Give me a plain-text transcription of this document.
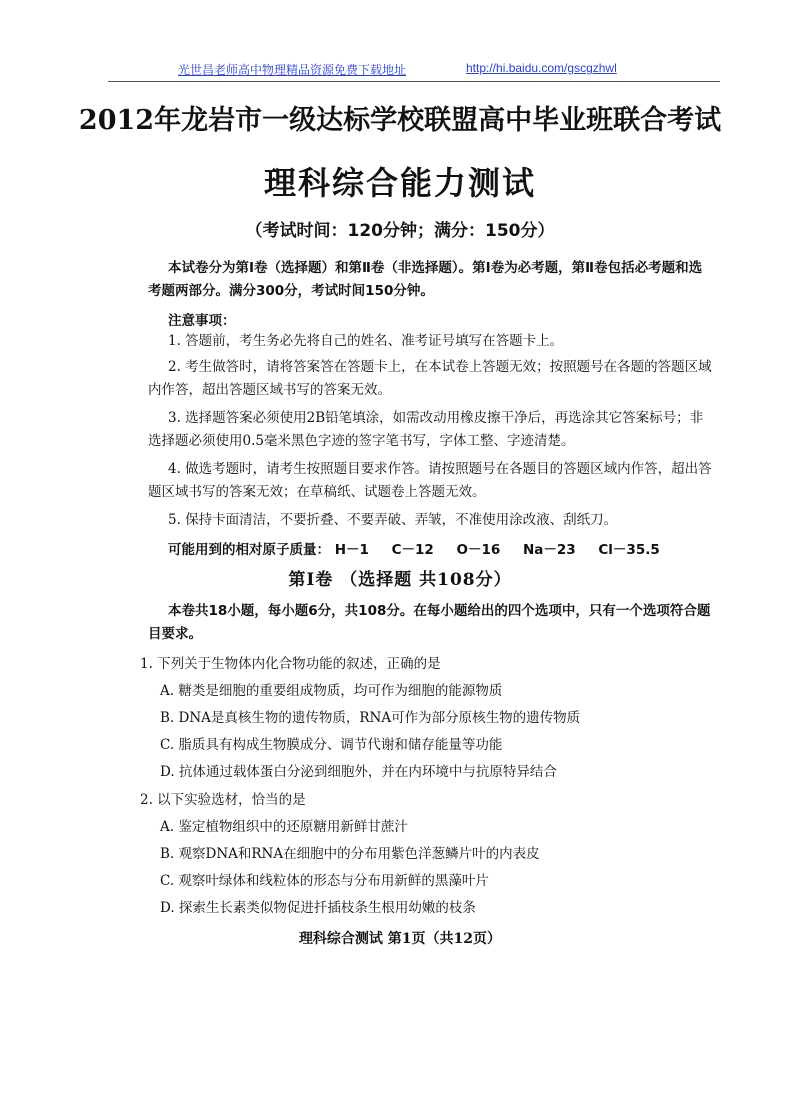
光世昌老师高中物理精品资源免费下载地址	http://hi.baidu.com/gscgzhwl
2012年龙岩市一级达标学校联盟高中毕业班联合考试
理科综合能力测试
（考试时间：120分钟；满分：150分）
本试卷分为第Ⅰ卷（选择题）和第Ⅱ卷（非选择题）。第Ⅰ卷为必考题，第Ⅱ卷包括必考题和选考题两部分。满分300分，考试时间150分钟。
注意事项：
1. 答题前，考生务必先将自己的姓名、准考证号填写在答题卡上。
2. 考生做答时，请将答案答在答题卡上，在本试卷上答题无效；按照题号在各题的答题区域内作答，超出答题区域书写的答案无效。
3. 选择题答案必须使用2B铅笔填涂，如需改动用橡皮擦干净后，再选涂其它答案标号；非选择题必须使用0.5毫米黑色字迹的签字笔书写，字体工整、字迹清楚。
4. 做选考题时，请考生按照题目要求作答。请按照题号在各题目的答题区域内作答，超出答题区域书写的答案无效；在草稿纸、试题卷上答题无效。
5. 保持卡面清洁，不要折叠、不要弄破、弄皱，不准使用涂改液、刮纸刀。
可能用到的相对原子质量： H－1 C－12 O－16 Na－23 Cl－35.5
第Ⅰ卷 （选择题 共108分）
本卷共18小题，每小题6分，共108分。在每小题给出的四个选项中，只有一个选项符合题目要求。
1. 下列关于生物体内化合物功能的叙述，正确的是
A. 糖类是细胞的重要组成物质，均可作为细胞的能源物质
B. DNA是真核生物的遗传物质，RNA可作为部分原核生物的遗传物质
C. 脂质具有构成生物膜成分、调节代谢和储存能量等功能
D. 抗体通过载体蛋白分泌到细胞外，并在内环境中与抗原特异结合
2. 以下实验选材，恰当的是
A. 鉴定植物组织中的还原糖用新鲜甘蔗汁
B. 观察DNA和RNA在细胞中的分布用紫色洋葱鳞片叶的内表皮
C. 观察叶绿体和线粒体的形态与分布用新鲜的黑藻叶片
D. 探索生长素类似物促进扦插枝条生根用幼嫩的枝条
理科综合测试 第1页（共12页）
